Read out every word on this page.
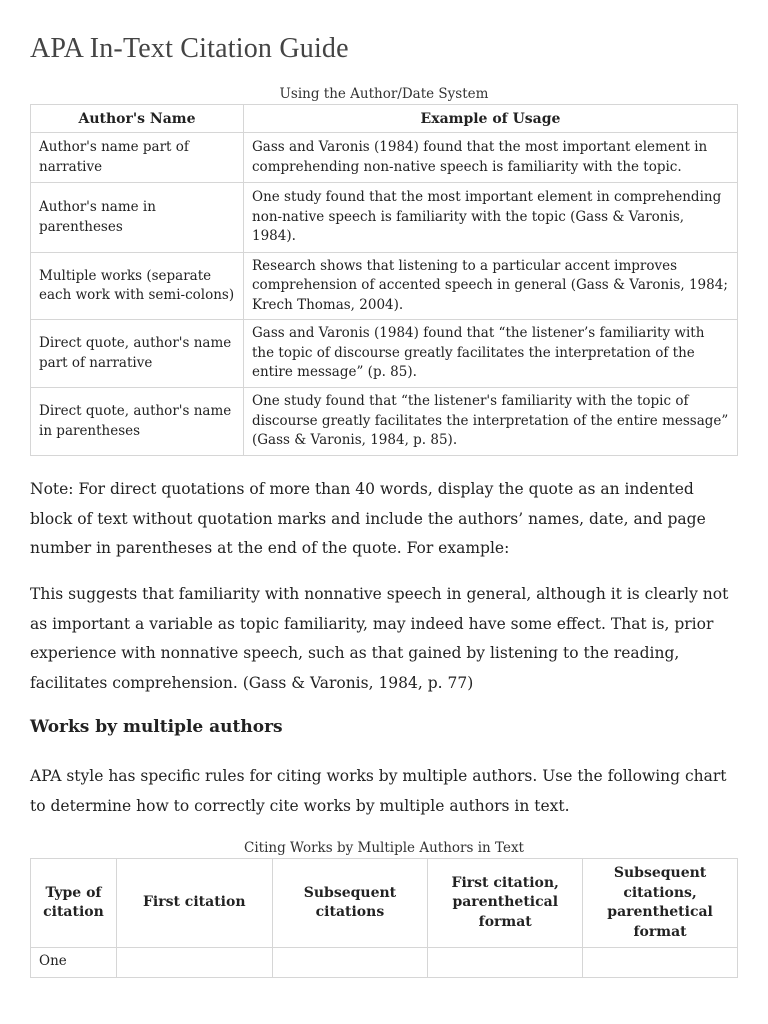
APA In-Text Citation Guide
Using the Author/Date System
Author's Name	Example of Usage
Author's name part of narrative	Gass and Varonis (1984) found that the most important element in comprehending non-native speech is familiarity with the topic.
Author's name in parentheses	One study found that the most important element in comprehending non-native speech is familiarity with the topic (Gass & Varonis, 1984).
Multiple works (separate each work with semi-colons)	Research shows that listening to a particular accent improves comprehension of accented speech in general (Gass & Varonis, 1984; Krech Thomas, 2004).
Direct quote, author's name part of narrative	Gass and Varonis (1984) found that “the listener’s familiarity with the topic of discourse greatly facilitates the interpretation of the entire message” (p. 85).
Direct quote, author's name in parentheses	One study found that “the listener's familiarity with the topic of discourse greatly facilitates the interpretation of the entire message” (Gass & Varonis, 1984, p. 85).

Note: For direct quotations of more than 40 words, display the quote as an indented block of text without quotation marks and include the authors’ names, date, and page number in parentheses at the end of the quote. For example:

This suggests that familiarity with nonnative speech in general, although it is clearly not as important a variable as topic familiarity, may indeed have some effect. That is, prior experience with nonnative speech, such as that gained by listening to the reading, facilitates comprehension. (Gass & Varonis, 1984, p. 77)

Works by multiple authors

APA style has specific rules for citing works by multiple authors. Use the following chart to determine how to correctly cite works by multiple authors in text.

Citing Works by Multiple Authors in Text
Type of citation	First citation	Subsequent citations	First citation, parenthetical format	Subsequent citations, parenthetical format
One				
